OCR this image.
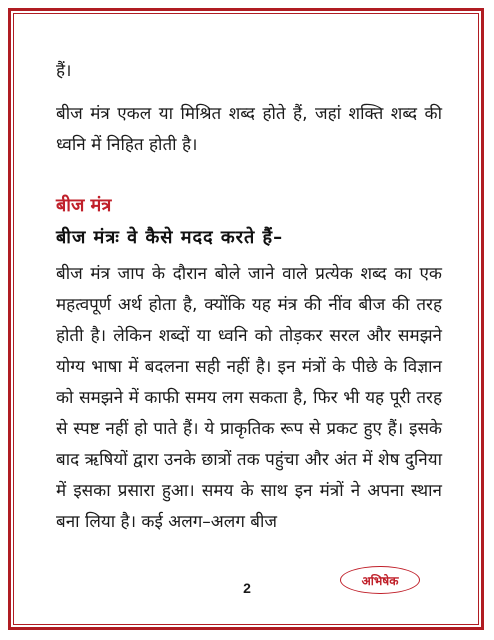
हैं।

बीज मंत्र एकल या मिश्रित शब्द होते हैं, जहां शक्ति शब्द की ध्वनि में निहित होती है।

बीज मंत्र

बीज मंत्रः वे कैसे मदद करते हैं–

बीज मंत्र जाप के दौरान बोले जाने वाले प्रत्येक शब्द का एक महत्वपूर्ण अर्थ होता है, क्योंकि यह मंत्र की नींव बीज की तरह होती है। लेकिन शब्दों या ध्वनि को तोड़कर सरल और समझने योग्य भाषा में बदलना सही नहीं है। इन मंत्रों के पीछे के विज्ञान को समझने में काफी समय लग सकता है, फिर भी यह पूरी तरह से स्पष्ट नहीं हो पाते हैं। ये प्राकृतिक रूप से प्रकट हुए हैं। इसके बाद ऋषियों द्वारा उनके छात्रों तक पहुंचा और अंत में शेष दुनिया में इसका प्रसारा हुआ। समय के साथ इन मंत्रों ने अपना स्थान बना लिया है। कई अलग–अलग बीज

2	अभिषेक
